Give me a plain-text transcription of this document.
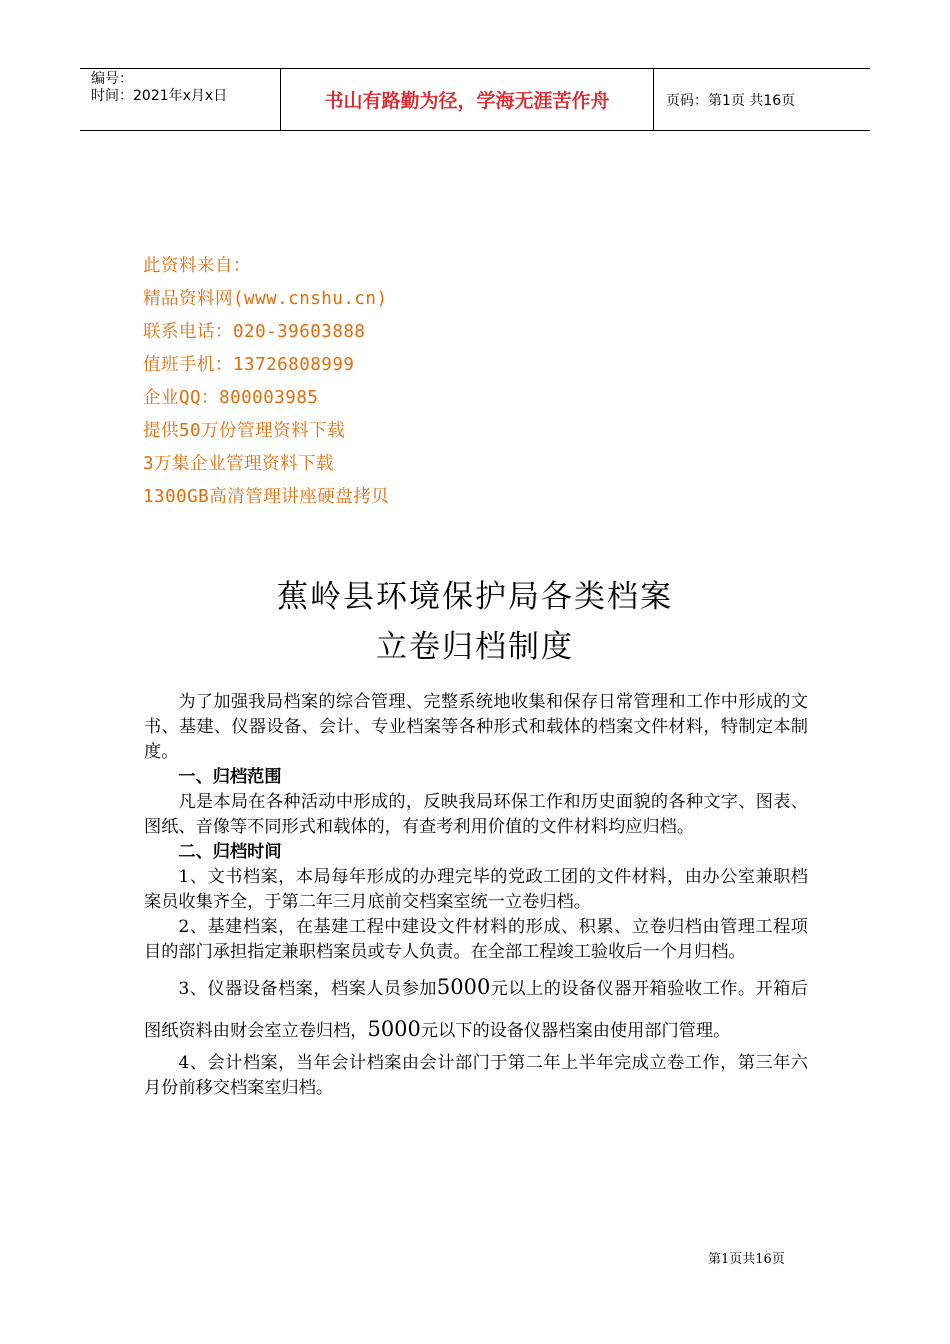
编号：
时间：2021年x月x日	书山有路勤为径，学海无涯苦作舟	页码：第1页 共16页
此资料来自：
精品资料网(www.cnshu.cn)
联系电话：020-39603888
值班手机：13726808999
企业QQ：800003985
提供50万份管理资料下载
3万集企业管理资料下载
1300GB高清管理讲座硬盘拷贝
蕉岭县环境保护局各类档案
立卷归档制度

为了加强我局档案的综合管理、完整系统地收集和保存日常管理和工作中形成的文书、基建、仪器设备、会计、专业档案等各种形式和载体的档案文件材料，特制定本制度。

一、归档范围

凡是本局在各种活动中形成的，反映我局环保工作和历史面貌的各种文字、图表、图纸、音像等不同形式和载体的，有查考利用价值的文件材料均应归档。

二、归档时间

1、文书档案，本局每年形成的办理完毕的党政工团的文件材料，由办公室兼职档案员收集齐全，于第二年三月底前交档案室统一立卷归档。

2、基建档案，在基建工程中建设文件材料的形成、积累、立卷归档由管理工程项目的部门承担指定兼职档案员或专人负责。在全部工程竣工验收后一个月归档。

3、仪器设备档案，档案人员参加5000元以上的设备仪器开箱验收工作。开箱后图纸资料由财会室立卷归档，5000元以下的设备仪器档案由使用部门管理。

4、会计档案，当年会计档案由会计部门于第二年上半年完成立卷工作，第三年六月份前移交档案室归档。

第1页共16页
